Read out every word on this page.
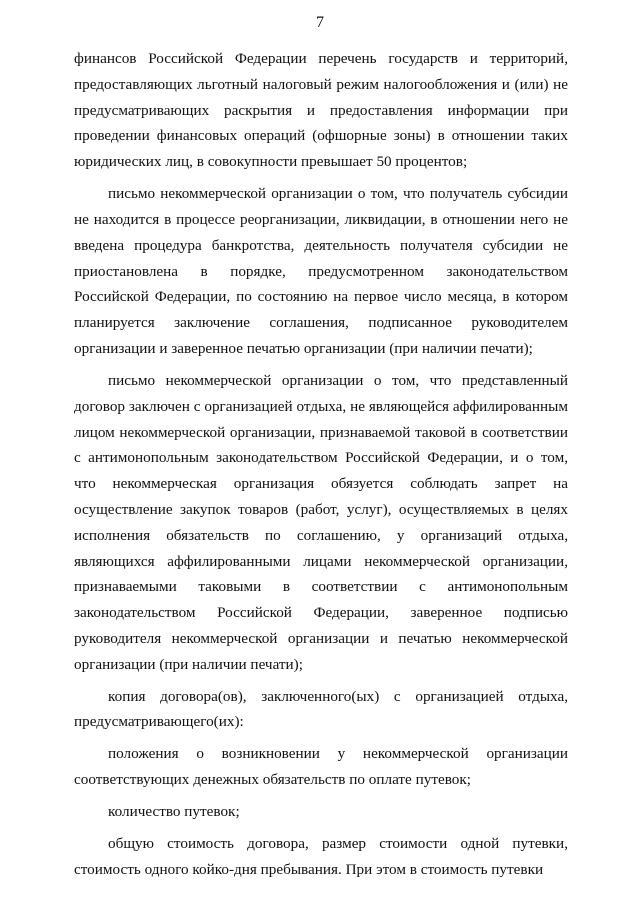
7

финансов Российской Федерации перечень государств и территорий, предоставляющих льготный налоговый режим налогообложения и (или) не предусматривающих раскрытия и предоставления информации при проведении финансовых операций (офшорные зоны) в отношении таких юридических лиц, в совокупности превышает 50 процентов;

письмо некоммерческой организации о том, что получатель субсидии не находится в процессе реорганизации, ликвидации, в отношении него не введена процедура банкротства, деятельность получателя субсидии не приостановлена в порядке, предусмотренном законодательством Российской Федерации, по состоянию на первое число месяца, в котором планируется заключение соглашения, подписанное руководителем организации и заверенное печатью организации (при наличии печати);

письмо некоммерческой организации о том, что представленный договор заключен с организацией отдыха, не являющейся аффилированным лицом некоммерческой организации, признаваемой таковой в соответствии с антимонопольным законодательством Российской Федерации, и о том, что некоммерческая организация обязуется соблюдать запрет на осуществление закупок товаров (работ, услуг), осуществляемых в целях исполнения обязательств по соглашению, у организаций отдыха, являющихся аффилированными лицами некоммерческой организации, признаваемыми таковыми в соответствии с антимонопольным законодательством Российской Федерации, заверенное подписью руководителя некоммерческой организации и печатью некоммерческой организации (при наличии печати);

копия договора(ов), заключенного(ых) с организацией отдыха, предусматривающего(их):

положения о возникновении у некоммерческой организации соответствующих денежных обязательств по оплате путевок;

количество путевок;

общую стоимость договора, размер стоимости одной путевки, стоимость одного койко-дня пребывания. При этом в стоимость путевки
